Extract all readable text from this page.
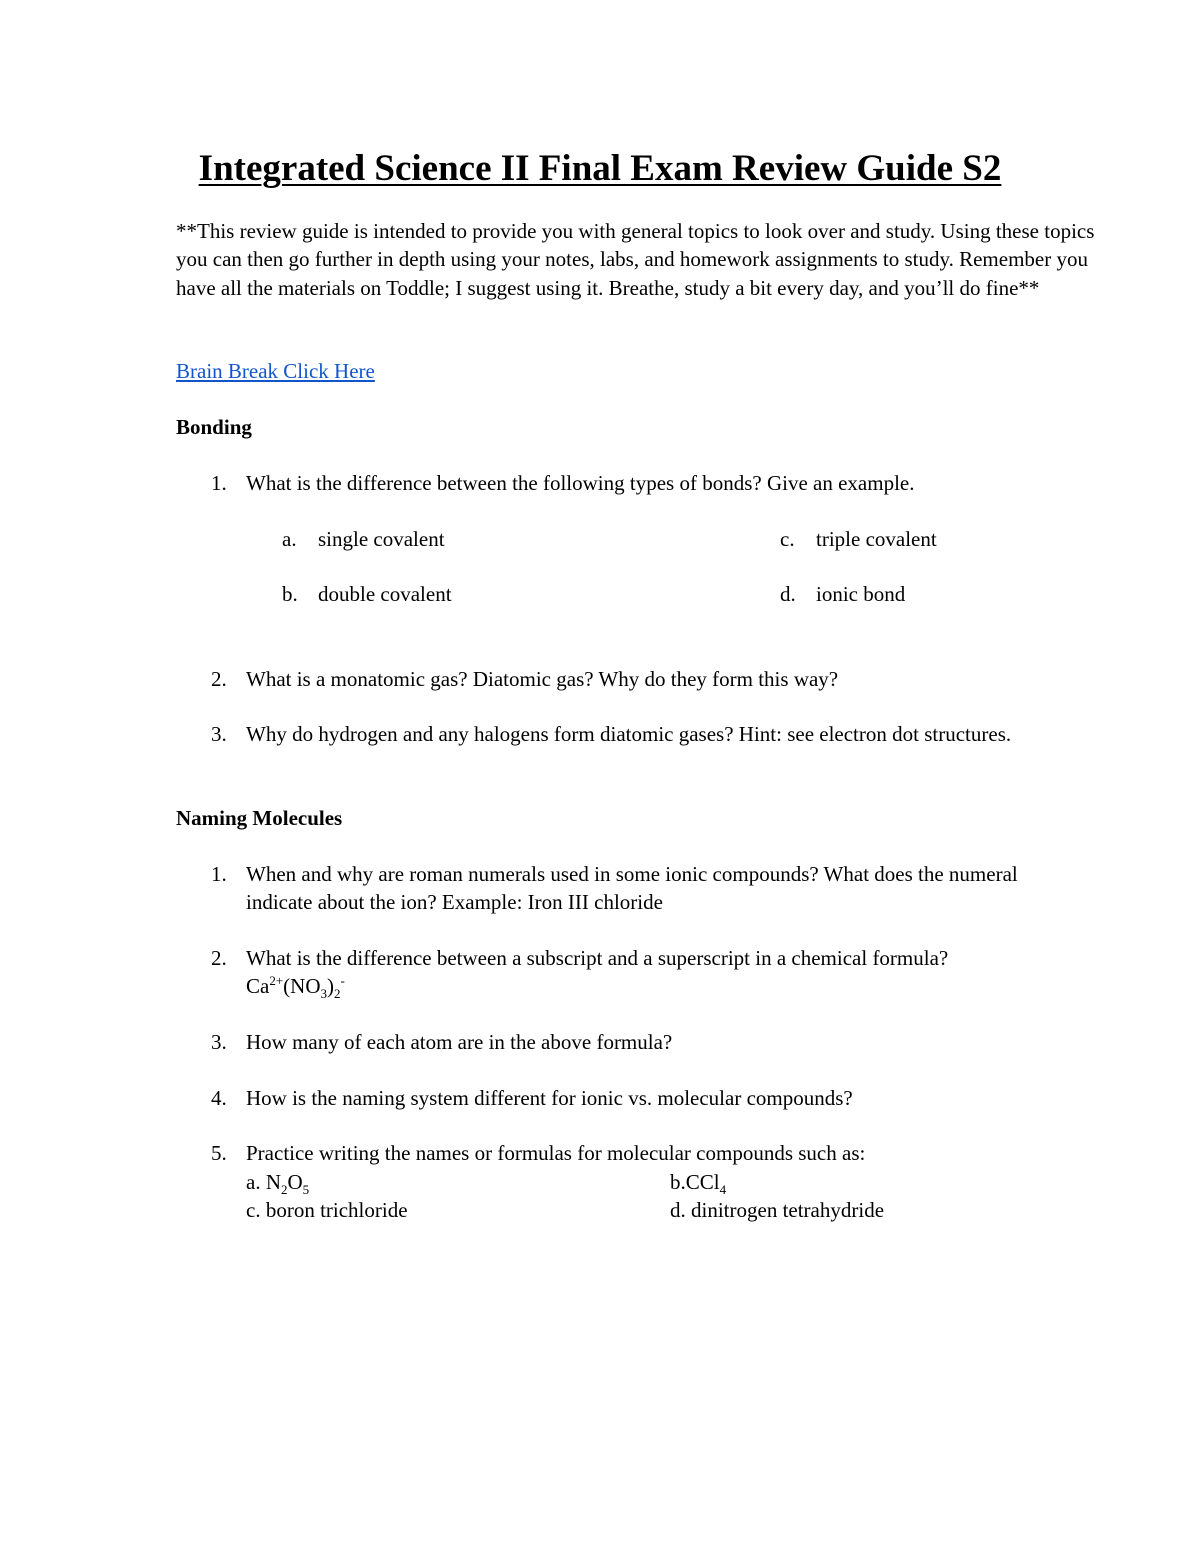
Integrated Science II Final Exam Review Guide S2

**This review guide is intended to provide you with general topics to look over and study. Using these topics you can then go further in depth using your notes, labs, and homework assignments to study. Remember you have all the materials on Toddle; I suggest using it. Breathe, study a bit every day, and you’ll do fine**

Brain Break Click Here

Bonding

1. What is the difference between the following types of bonds? Give an example.

a. single covalent

b. double covalent

c. triple covalent

d. ionic bond

2. What is a monatomic gas? Diatomic gas? Why do they form this way?
3. Why do hydrogen and any halogens form diatomic gases? Hint: see electron dot structures.

Naming Molecules

1. When and why are roman numerals used in some ionic compounds? What does the numeral indicate about the ion? Example: Iron III chloride
2. What is the difference between a subscript and a superscript in a chemical formula?
$Ca^{2+}(NO_3)_2^-$
3. How many of each atom are in the above formula?
4. How is the naming system different for ionic vs. molecular compounds?
5. Practice writing the names or formulas for molecular compounds such as:

a. $N_2O_5$	b.CCl$_4$

c. boron trichloride	d. dinitrogen tetrahydride
